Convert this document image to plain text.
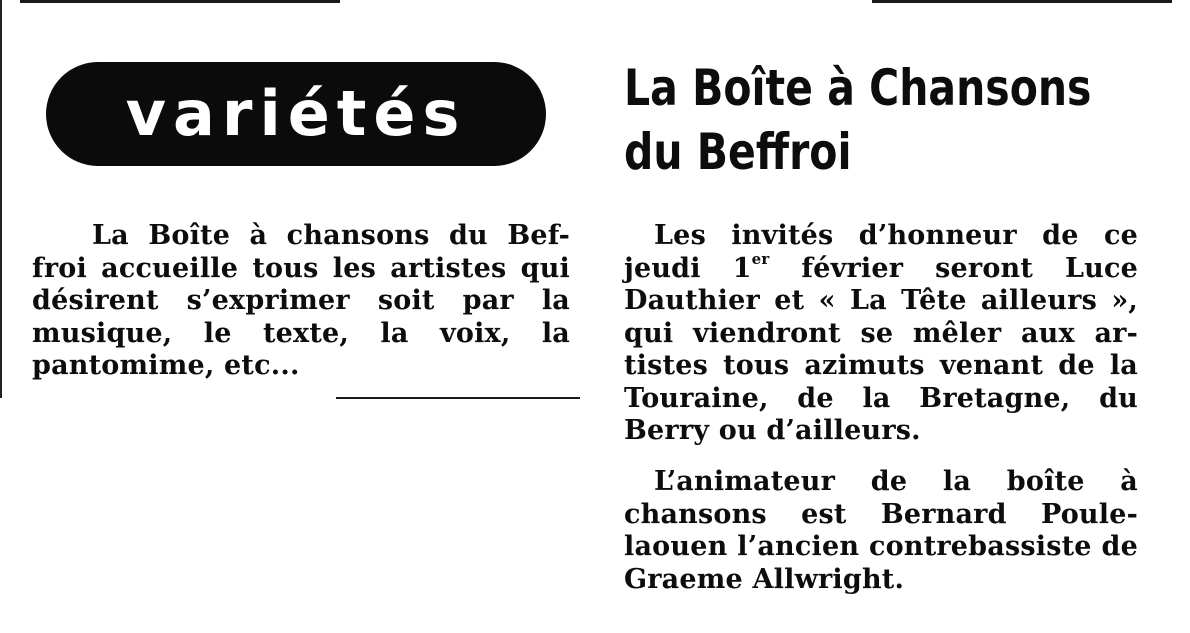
variétés
La Boîte à chansons du Bef-
froi accueille tous les artistes qui
désirent s’exprimer soit par la
musique, le texte, la voix, la
pantomime, etc...
La Boîte à Chansons
du Beffroi
Les invités d’honneur de ce
jeudi 1er février seront Luce
Dauthier et « La Tête ailleurs »,
qui viendront se mêler aux ar-
tistes tous azimuts venant de la
Touraine, de la Bretagne, du
Berry ou d’ailleurs.
L’animateur de la boîte à
chansons est Bernard Poule-
laouen l’ancien contrebassiste de
Graeme Allwright.
